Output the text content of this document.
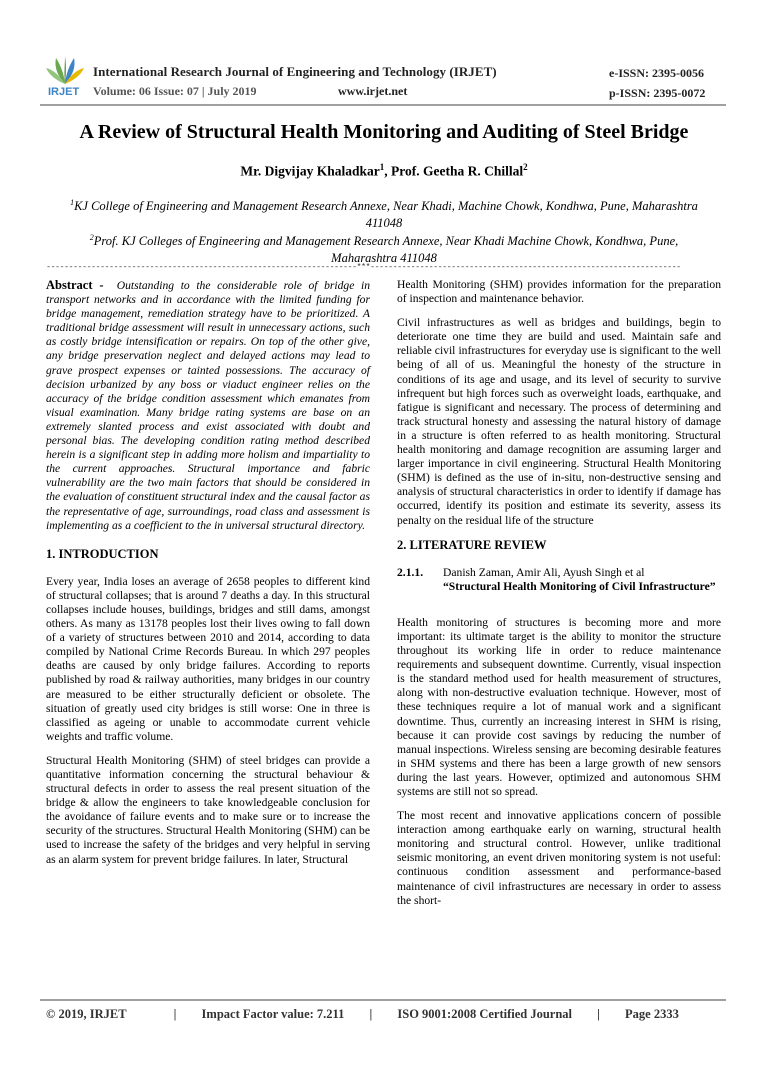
IRJET
International Research Journal of Engineering and Technology (IRJET)	e-ISSN: 2395-0056
Volume: 06 Issue: 07 | July 2019	www.irjet.net	p-ISSN: 2395-0072
A Review of Structural Health Monitoring and Auditing of Steel Bridge
Mr. Digvijay Khaladkar$^1$, Prof. Geetha R. Chillal$^2$
$^1$KJ College of Engineering and Management Research Annexe, Near Khadi, Machine Chowk, Kondhwa, Pune, Maharashtra 411048
$^2$Prof. KJ Colleges of Engineering and Management Research Annexe, Near Khadi Machine Chowk, Kondhwa, Pune, Maharashtra 411048
---------------------------------------------------------------------***---------------------------------------------------------------------

Abstract - Outstanding to the considerable role of bridge in transport networks and in accordance with the limited funding for bridge management, remediation strategy have to be prioritized. A traditional bridge assessment will result in unnecessary actions, such as costly bridge intensification or repairs. On top of the other give, any bridge preservation neglect and delayed actions may lead to grave prospect expenses or tainted possessions. The accuracy of decision urbanized by any boss or viaduct engineer relies on the accuracy of the bridge condition assessment which emanates from visual examination. Many bridge rating systems are base on an extremely slanted process and exist associated with doubt and personal bias. The developing condition rating method described herein is a significant step in adding more holism and impartiality to the current approaches. Structural importance and fabric vulnerability are the two main factors that should be considered in the evaluation of constituent structural index and the causal factor as the representative of age, surroundings, road class and assessment is implementing as a coefficient to the in universal structural directory.

1. INTRODUCTION

Every year, India loses an average of 2658 peoples to different kind of structural collapses; that is around 7 deaths a day. In this structural collapses include houses, buildings, bridges and still dams, amongst others. As many as 13178 peoples lost their lives owing to fall down of a variety of structures between 2010 and 2014, according to data compiled by National Crime Records Bureau. In which 297 peoples deaths are caused by only bridge failures. According to reports published by road & railway authorities, many bridges in our country are measured to be either structurally deficient or obsolete. The situation of greatly used city bridges is still worse: One in three is classified as ageing or unable to accommodate current vehicle weights and traffic volume.

Structural Health Monitoring (SHM) of steel bridges can provide a quantitative information concerning the structural behaviour & structural defects in order to assess the real present situation of the bridge & allow the engineers to take knowledgeable conclusion for the avoidance of failure events and to make sure or to increase the security of the structures. Structural Health Monitoring (SHM) can be used to increase the safety of the bridges and very helpful in serving as an alarm system for prevent bridge failures. In later, Structural

Health Monitoring (SHM) provides information for the preparation of inspection and maintenance behavior.

Civil infrastructures as well as bridges and buildings, begin to deteriorate one time they are build and used. Maintain safe and reliable civil infrastructures for everyday use is significant to the well being of all of us. Meaningful the honesty of the structure in conditions of its age and usage, and its level of security to survive infrequent but high forces such as overweight loads, earthquake, and fatigue is significant and necessary. The process of determining and track structural honesty and assessing the natural history of damage in a structure is often referred to as health monitoring. Structural health monitoring and damage recognition are assuming larger and larger importance in civil engineering. Structural Health Monitoring (SHM) is defined as the use of in-situ, non-destructive sensing and analysis of structural characteristics in order to identify if damage has occurred, identify its position and estimate its severity, assess its penalty on the residual life of the structure

2. LITERATURE REVIEW
2.1.1.	Danish Zaman, Amir Ali, Ayush Singh et al
“Structural Health Monitoring of Civil Infrastructure”

Health monitoring of structures is becoming more and more important: its ultimate target is the ability to monitor the structure throughout its working life in order to reduce maintenance requirements and subsequent downtime. Currently, visual inspection is the standard method used for health measurement of structures, along with non-destructive evaluation technique. However, most of these techniques require a lot of manual work and a significant downtime. Thus, currently an increasing interest in SHM is rising, because it can provide cost savings by reducing the number of manual inspections. Wireless sensing are becoming desirable features in SHM systems and there has been a large growth of new sensors during the last years. However, optimized and autonomous SHM systems are still not so spread.

The most recent and innovative applications concern of possible interaction among earthquake early on warning, structural health monitoring and structural control. However, unlike traditional seismic monitoring, an event driven monitoring system is not useful: continuous condition assessment and performance-based maintenance of civil infrastructures are necessary in order to assess the short-

© 2019, IRJET	| Impact Factor value: 7.211 | ISO 9001:2008 Certified Journal | Page 2333
